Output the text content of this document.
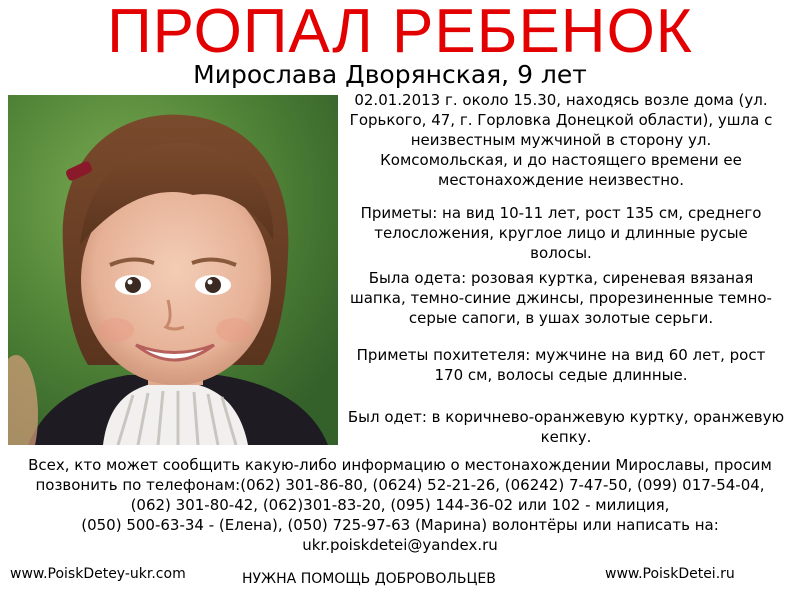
ПРОПАЛ РЕБЕНОК
Мирослава Дворянская, 9 лет
02.01.2013 г. около 15.30, находясь возле дома (ул. Горького, 47, г. Горловка Донецкой области), ушла с неизвестным мужчиной в сторону ул. Комсомольская, и до настоящего времени ее местонахождение неизвестно.
Приметы: на вид 10-11 лет, рост 135 см, среднего телосложения, круглое лицо и длинные русые волосы.
Была одета: розовая куртка, сиреневая вязаная шапка, темно-синие джинсы, прорезиненные темно-серые сапоги, в ушах золотые серьги.
Приметы похитетеля: мужчине на вид 60 лет, рост 170 см, волосы седые длинные.
Был одет: в коричнево-оранжевую куртку, оранжевую кепку.
Всех, кто может сообщить какую-либо информацию о местонахождении Мирославы, просим
позвонить по телефонам:(062) 301-86-80, (0624) 52-21-26, (06242) 7-47-50, (099) 017-54-04,
(062) 301-80-42, (062)301-83-20, (095) 144-36-02 или 102 - милиция,
(050) 500-63-34 - (Елена), (050) 725-97-63 (Марина) волонтёры или написать на:
ukr.poiskdetei@yandex.ru
www.PoiskDetey-ukr.com	НУЖНА ПОМОЩЬ ДОБРОВОЛЬЦЕВ	www.PoiskDetei.ru
